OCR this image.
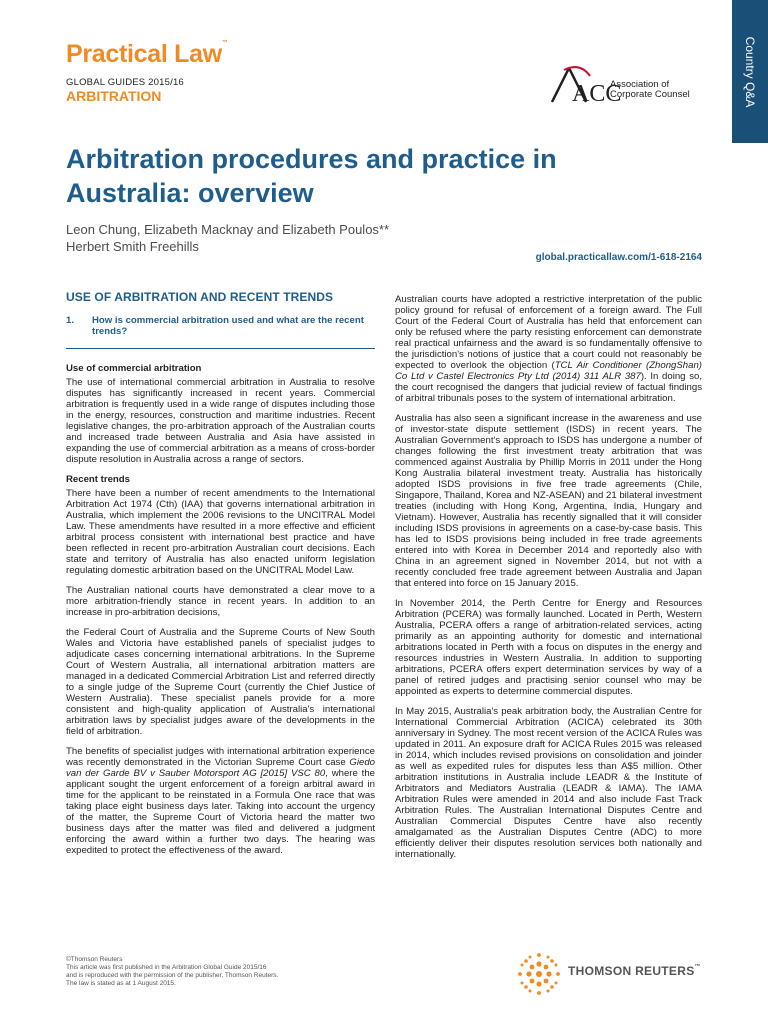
Practical Law™
GLOBAL GUIDES 2015/16
ARBITRATION	ACC
Association of
Corporate Counsel	Country Q&A
Arbitration procedures and practice in
Australia: overview
Leon Chung, Elizabeth Macknay and Elizabeth Poulos**
Herbert Smith Freehills
global.practicallaw.com/1-618-2164
USE OF ARBITRATION AND RECENT TRENDS
1.	How is commercial arbitration used and what are the recent trends?
Use of commercial arbitration

The use of international commercial arbitration in Australia to resolve disputes has significantly increased in recent years. Commercial arbitration is frequently used in a wide range of disputes including those in the energy, resources, construction and maritime industries. Recent legislative changes, the pro-arbitration approach of the Australian courts and increased trade between Australia and Asia have assisted in expanding the use of commercial arbitration as a means of cross-border dispute resolution in Australia across a range of sectors.

Recent trends

There have been a number of recent amendments to the International Arbitration Act 1974 (Cth) (IAA) that governs international arbitration in Australia, which implement the 2006 revisions to the UNCITRAL Model Law. These amendments have resulted in a more effective and efficient arbitral process consistent with international best practice and have been reflected in recent pro-arbitration Australian court decisions. Each state and territory of Australia has also enacted uniform legislation regulating domestic arbitration based on the UNCITRAL Model Law.

The Australian national courts have demonstrated a clear move to a more arbitration-friendly stance in recent years. In addition to an increase in pro-arbitration decisions,

the Federal Court of Australia and the Supreme Courts of New South Wales and Victoria have established panels of specialist judges to adjudicate cases concerning international arbitrations. In the Supreme Court of Western Australia, all international arbitration matters are managed in a dedicated Commercial Arbitration List and referred directly to a single judge of the Supreme Court (currently the Chief Justice of Western Australia). These specialist panels provide for a more consistent and high-quality application of Australia's international arbitration laws by specialist judges aware of the developments in the field of arbitration.

The benefits of specialist judges with international arbitration experience was recently demonstrated in the Victorian Supreme Court case Giedo van der Garde BV v Sauber Motorsport AG [2015] VSC 80, where the applicant sought the urgent enforcement of a foreign arbitral award in time for the applicant to be reinstated in a Formula One race that was taking place eight business days later. Taking into account the urgency of the matter, the Supreme Court of Victoria heard the matter two business days after the matter was filed and delivered a judgment enforcing the award within a further two days. The hearing was expedited to protect the effectiveness of the award.

Australian courts have adopted a restrictive interpretation of the public policy ground for refusal of enforcement of a foreign award. The Full Court of the Federal Court of Australia has held that enforcement can only be refused where the party resisting enforcement can demonstrate real practical unfairness and the award is so fundamentally offensive to the jurisdiction's notions of justice that a court could not reasonably be expected to overlook the objection (TCL Air Conditioner (ZhongShan) Co Ltd v Castel Electronics Pty Ltd (2014) 311 ALR 387). In doing so, the court recognised the dangers that judicial review of factual findings of arbitral tribunals poses to the system of international arbitration.

Australia has also seen a significant increase in the awareness and use of investor-state dispute settlement (ISDS) in recent years. The Australian Government's approach to ISDS has undergone a number of changes following the first investment treaty arbitration that was commenced against Australia by Phillip Morris in 2011 under the Hong Kong Australia bilateral investment treaty. Australia has historically adopted ISDS provisions in five free trade agreements (Chile, Singapore, Thailand, Korea and NZ-ASEAN) and 21 bilateral investment treaties (including with Hong Kong, Argentina, India, Hungary and Vietnam). However, Australia has recently signalled that it will consider including ISDS provisions in agreements on a case-by-case basis. This has led to ISDS provisions being included in free trade agreements entered into with Korea in December 2014 and reportedly also with China in an agreement signed in November 2014, but not with a recently concluded free trade agreement between Australia and Japan that entered into force on 15 January 2015.

In November 2014, the Perth Centre for Energy and Resources Arbitration (PCERA) was formally launched. Located in Perth, Western Australia, PCERA offers a range of arbitration-related services, acting primarily as an appointing authority for domestic and international arbitrations located in Perth with a focus on disputes in the energy and resources industries in Western Australia. In addition to supporting arbitrations, PCERA offers expert determination services by way of a panel of retired judges and practising senior counsel who may be appointed as experts to determine commercial disputes.

In May 2015, Australia's peak arbitration body, the Australian Centre for International Commercial Arbitration (ACICA) celebrated its 30th anniversary in Sydney. The most recent version of the ACICA Rules was updated in 2011. An exposure draft for ACICA Rules 2015 was released in 2014, which includes revised provisions on consolidation and joinder as well as expedited rules for disputes less than A$5 million. Other arbitration institutions in Australia include LEADR & the Institute of Arbitrators and Mediators Australia (LEADR & IAMA). The IAMA Arbitration Rules were amended in 2014 and also include Fast Track Arbitration Rules. The Australian International Disputes Centre and Australian Commercial Disputes Centre have also recently amalgamated as the Australian Disputes Centre (ADC) to more efficiently deliver their disputes resolution services both nationally and internationally.

©Thomson Reuters
This article was first published in the Arbitration Global Guide 2015/16
and is reproduced with the permission of the publisher, Thomson Reuters.
The law is stated as at 1 August 2015.
THOMSON REUTERS™
